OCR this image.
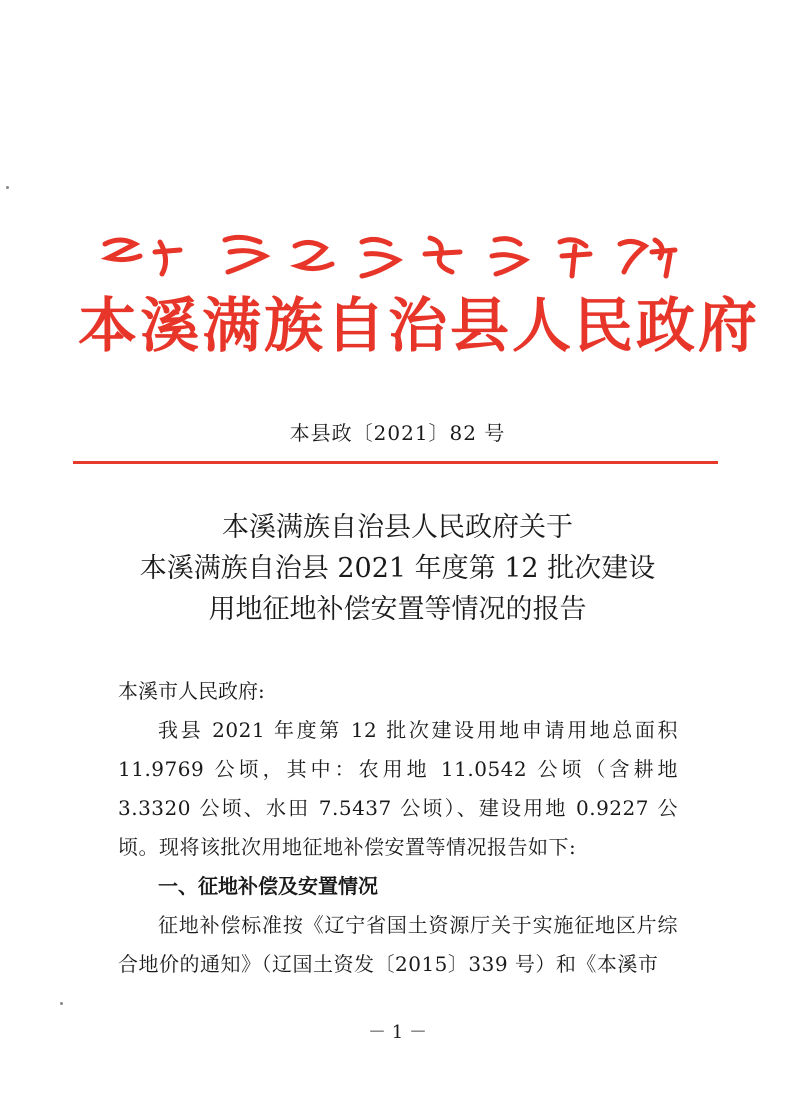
本溪满族自治县人民政府
本县政〔2021〕82 号
本溪满族自治县人民政府关于
本溪满族自治县 2021 年度第 12 批次建设
用地征地补偿安置等情况的报告
本溪市人民政府:
我县 2021 年度第 12 批次建设用地申请用地总面积 11.9769 公顷，其中：农用地 11.0542 公顷（含耕地 3.3320 公顷、水田 7.5437 公顷）、建设用地 0.9227 公顷。现将该批次用地征地补偿安置等情况报告如下:
一、征地补偿及安置情况
征地补偿标准按《辽宁省国土资源厅关于实施征地区片综合地价的通知》（辽国土资发〔2015〕339 号）和《本溪市
－ 1 －
